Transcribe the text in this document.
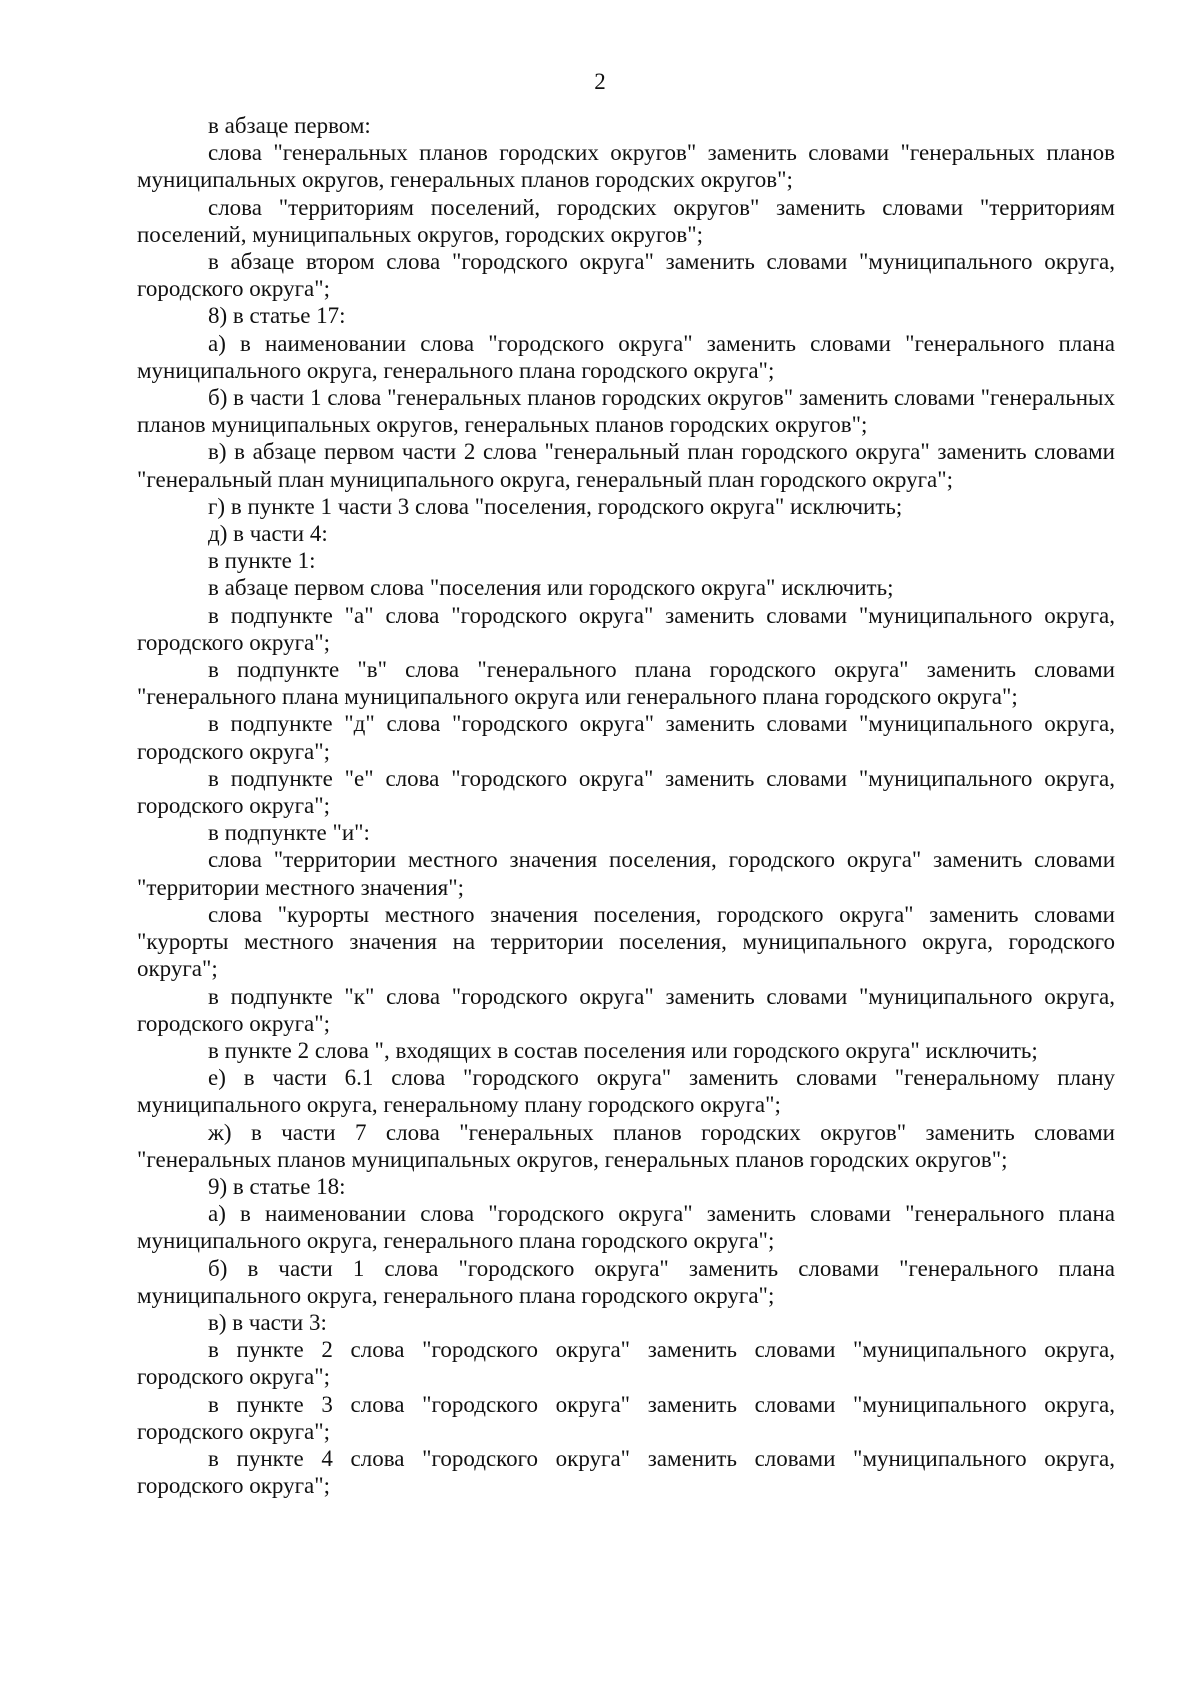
2

в абзаце первом:

слова "генеральных планов городских округов" заменить словами "генеральных планов муниципальных округов, генеральных планов городских округов";

слова "территориям поселений, городских округов" заменить словами "территориям поселений, муниципальных округов, городских округов";

в абзаце втором слова "городского округа" заменить словами "муниципального округа, городского округа";

8) в статье 17:

а) в наименовании слова "городского округа" заменить словами "генерального плана муниципального округа, генерального плана городского округа";

б) в части 1 слова "генеральных планов городских округов" заменить словами "генеральных планов муниципальных округов, генеральных планов городских округов";

в) в абзаце первом части 2 слова "генеральный план городского округа" заменить словами "генеральный план муниципального округа, генеральный план городского округа";

г) в пункте 1 части 3 слова "поселения, городского округа" исключить;

д) в части 4:

в пункте 1:

в абзаце первом слова "поселения или городского округа" исключить;

в подпункте "а" слова "городского округа" заменить словами "муниципального округа, городского округа";

в подпункте "в" слова "генерального плана городского округа" заменить словами "генерального плана муниципального округа или генерального плана городского округа";

в подпункте "д" слова "городского округа" заменить словами "муниципального округа, городского округа";

в подпункте "е" слова "городского округа" заменить словами "муниципального округа, городского округа";

в подпункте "и":

слова "территории местного значения поселения, городского округа" заменить словами "территории местного значения";

слова "курорты местного значения поселения, городского округа" заменить словами "курорты местного значения на территории поселения, муниципального округа, городского округа";

в подпункте "к" слова "городского округа" заменить словами "муниципального округа, городского округа";

в пункте 2 слова ", входящих в состав поселения или городского округа" исключить;

е) в части 6.1 слова "городского округа" заменить словами "генеральному плану муниципального округа, генеральному плану городского округа";

ж) в части 7 слова "генеральных планов городских округов" заменить словами "генеральных планов муниципальных округов, генеральных планов городских округов";

9) в статье 18:

а) в наименовании слова "городского округа" заменить словами "генерального плана муниципального округа, генерального плана городского округа";

б) в части 1 слова "городского округа" заменить словами "генерального плана муниципального округа, генерального плана городского округа";

в) в части 3:

в пункте 2 слова "городского округа" заменить словами "муниципального округа, городского округа";

в пункте 3 слова "городского округа" заменить словами "муниципального округа, городского округа";

в пункте 4 слова "городского округа" заменить словами "муниципального округа, городского округа";
